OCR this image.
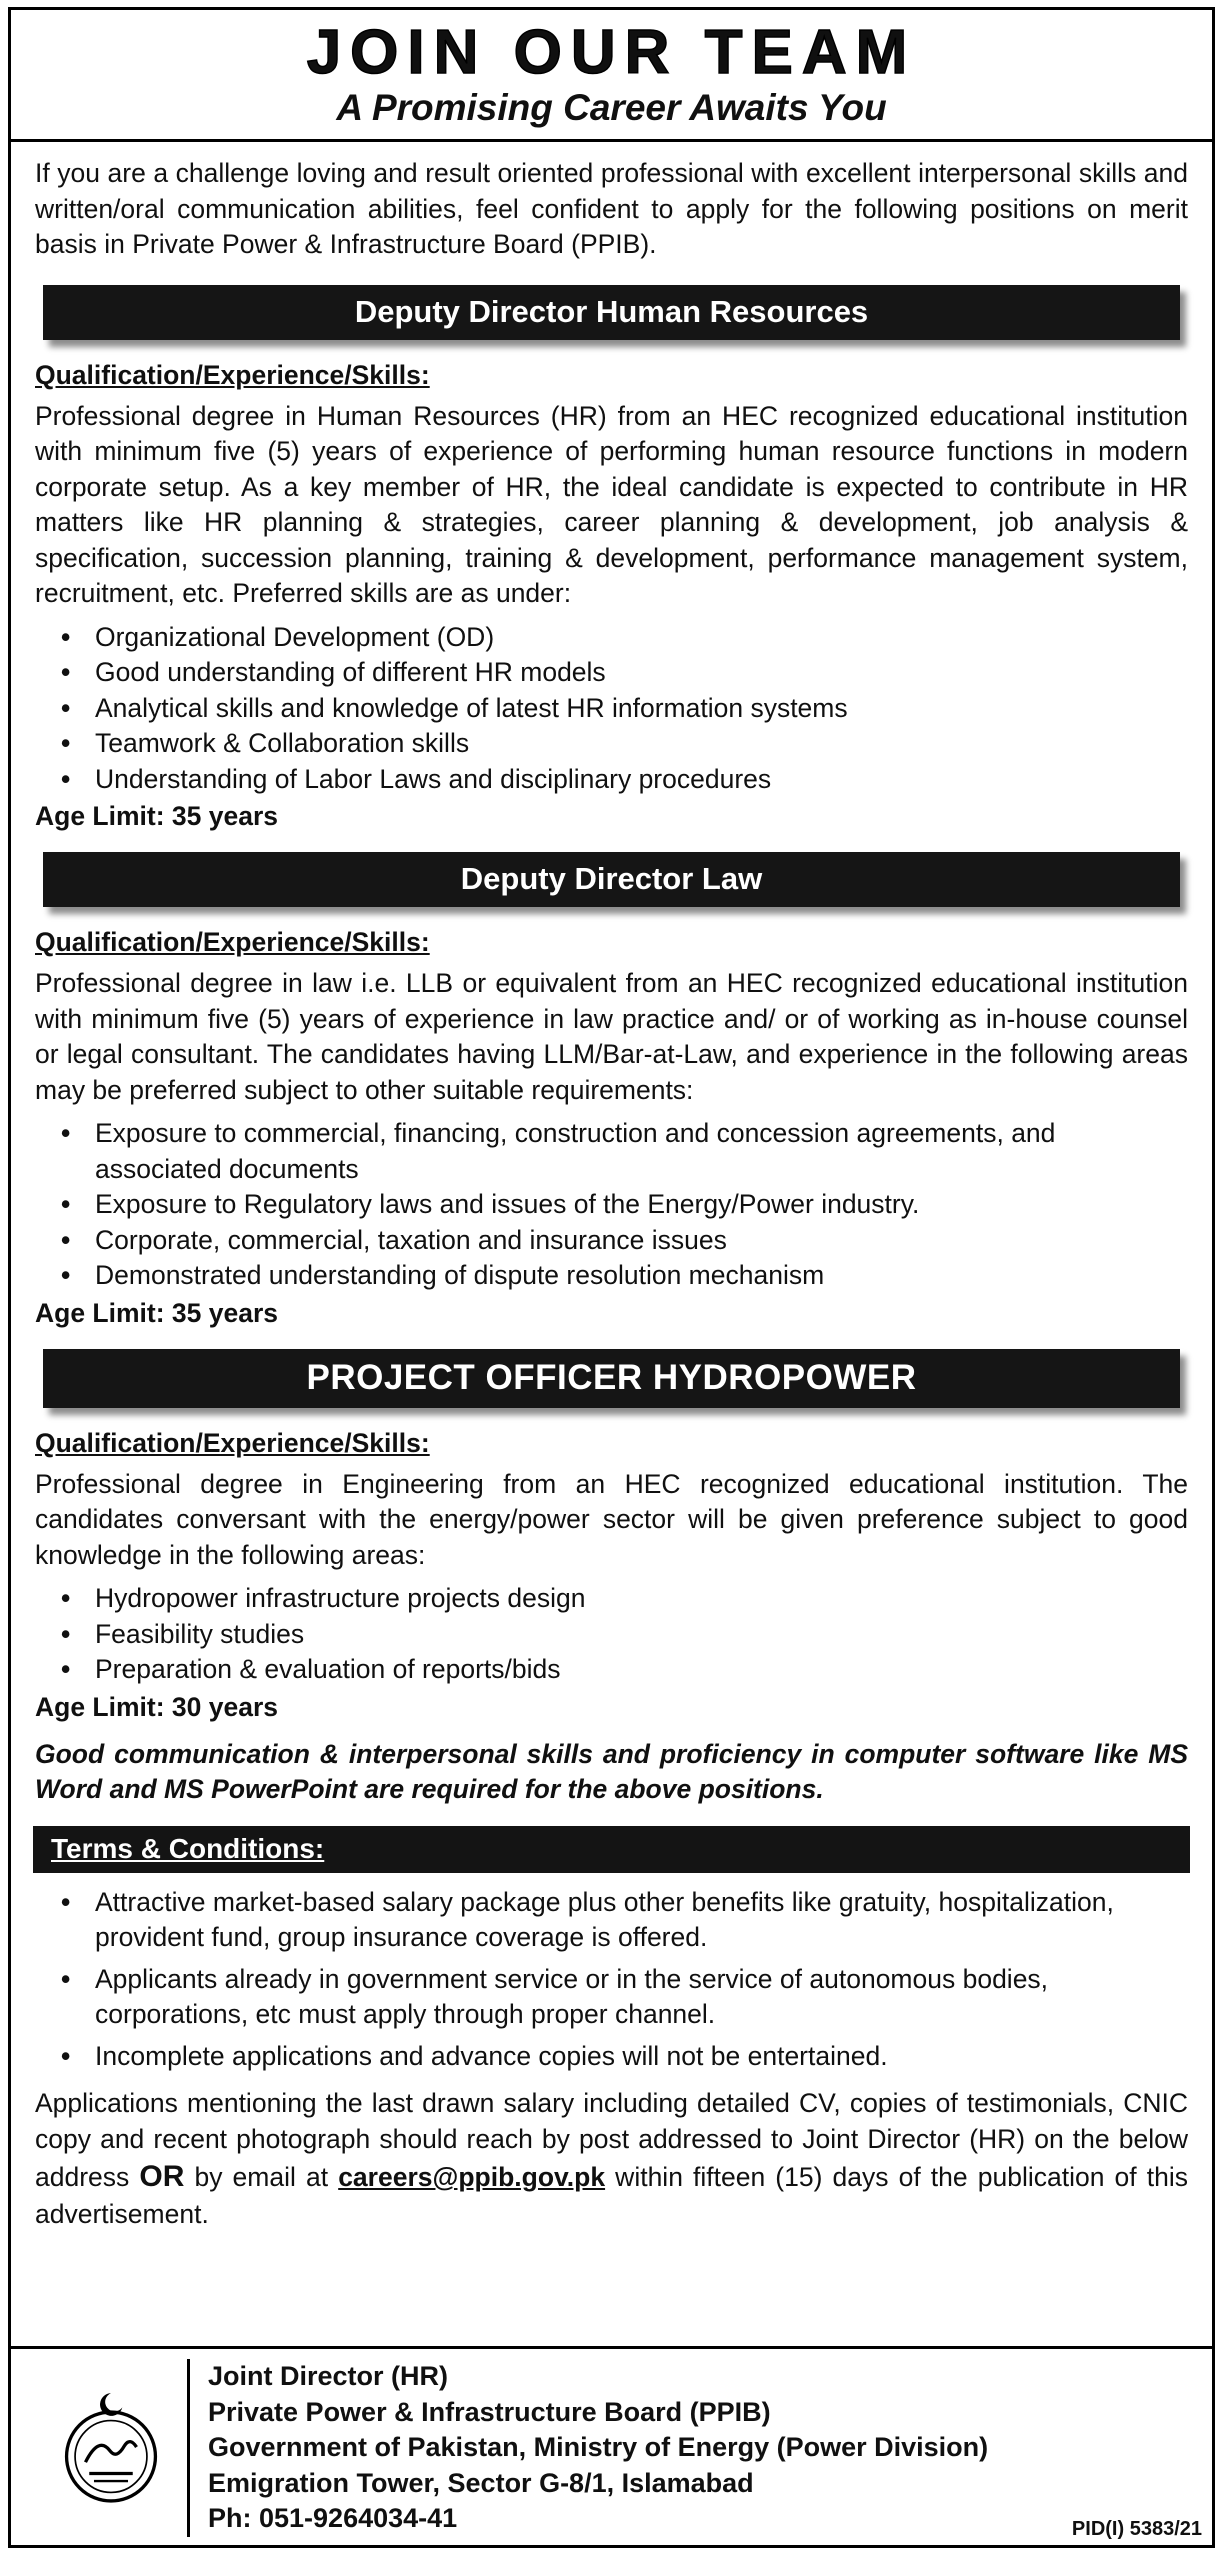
JOIN OUR TEAM
A Promising Career Awaits You

If you are a challenge loving and result oriented professional with excellent interpersonal skills and written/oral communication abilities, feel confident to apply for the following positions on merit basis in Private Power & Infrastructure Board (PPIB).

Deputy Director Human Resources
Qualification/Experience/Skills:

Professional degree in Human Resources (HR) from an HEC recognized educational institution with minimum five (5) years of experience of performing human resource functions in modern corporate setup. As a key member of HR, the ideal candidate is expected to contribute in HR matters like HR planning & strategies, career planning & development, job analysis & specification, succession planning, training & development, performance management system, recruitment, etc. Preferred skills are as under:

• Organizational Development (OD)
• Good understanding of different HR models
• Analytical skills and knowledge of latest HR information systems
• Teamwork & Collaboration skills
• Understanding of Labor Laws and disciplinary procedures
Age Limit: 35 years
Deputy Director Law
Qualification/Experience/Skills:

Professional degree in law i.e. LLB or equivalent from an HEC recognized educational institution with minimum five (5) years of experience in law practice and/ or of working as in-house counsel or legal consultant. The candidates having LLM/Bar-at-Law, and experience in the following areas may be preferred subject to other suitable requirements:

• Exposure to commercial, financing, construction and concession agreements, and associated documents
• Exposure to Regulatory laws and issues of the Energy/Power industry.
• Corporate, commercial, taxation and insurance issues
• Demonstrated understanding of dispute resolution mechanism
Age Limit: 35 years
PROJECT OFFICER HYDROPOWER
Qualification/Experience/Skills:

Professional degree in Engineering from an HEC recognized educational institution. The candidates conversant with the energy/power sector will be given preference subject to good knowledge in the following areas:

• Hydropower infrastructure projects design
• Feasibility studies
• Preparation & evaluation of reports/bids
Age Limit: 30 years

Good communication & interpersonal skills and proficiency in computer software like MS Word and MS PowerPoint are required for the above positions.

Terms & Conditions:
• Attractive market-based salary package plus other benefits like gratuity, hospitalization, provident fund, group insurance coverage is offered.
• Applicants already in government service or in the service of autonomous bodies, corporations, etc must apply through proper channel.
• Incomplete applications and advance copies will not be entertained.

Applications mentioning the last drawn salary including detailed CV, copies of testimonials, CNIC copy and recent photograph should reach by post addressed to Joint Director (HR) on the below address OR by email at careers@ppib.gov.pk within fifteen (15) days of the publication of this advertisement.

Joint Director (HR)
Private Power & Infrastructure Board (PPIB)
Government of Pakistan, Ministry of Energy (Power Division)
Emigration Tower, Sector G-8/1, Islamabad
Ph: 051-9264034-41	PID(I) 5383/21
